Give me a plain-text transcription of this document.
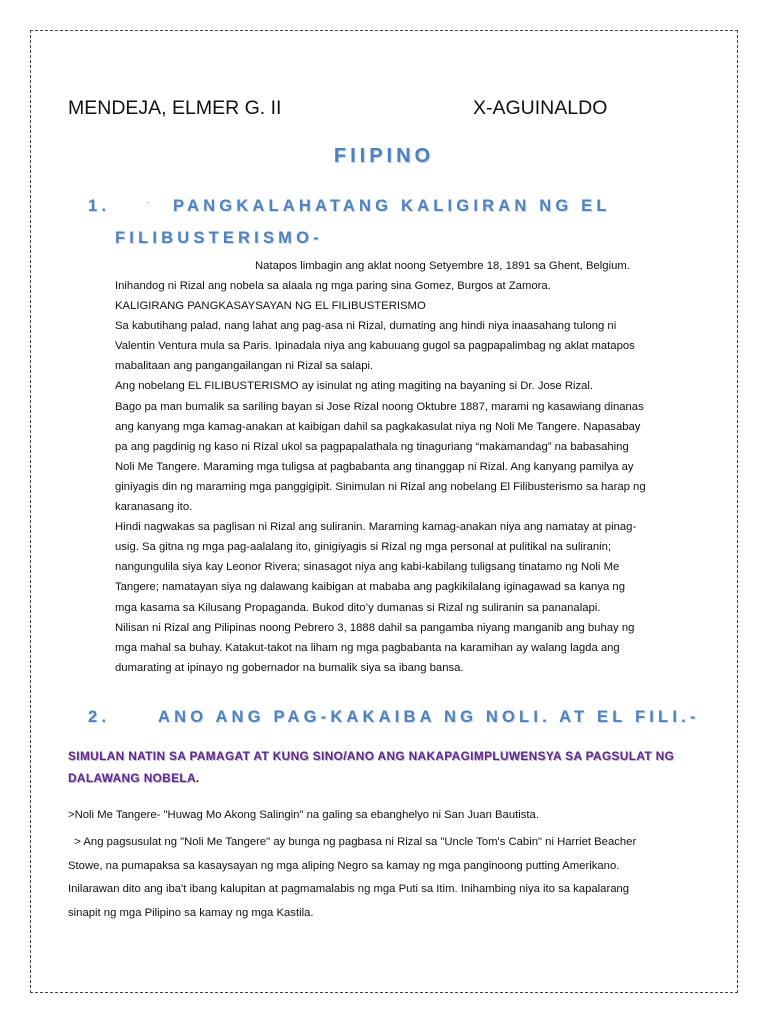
MENDEJA, ELMER G. II	X-AGUINALDO
FIIPINO
1.	· PANGKALAHATANG KALIGIRAN NG EL
FILIBUSTERISMO-
Natapos limbagin ang aklat noong Setyembre 18, 1891 sa Ghent, Belgium.

Inihandog ni Rizal ang nobela sa alaala ng mga paring sina Gomez, Burgos at Zamora.

KALIGIRANG PANGKASAYSAYAN NG EL FILIBUSTERISMO

Sa kabutihang palad, nang lahat ang pag-asa ni Rizal, dumating ang hindi niya inaasahang tulong ni

Valentin Ventura mula sa Paris. Ipinadala niya ang kabuuang gugol sa pagpapalimbag ng aklat matapos

mabalitaan ang pangangailangan ni Rizal sa salapi.

Ang nobelang EL FILIBUSTERISMO ay isinulat ng ating magiting na bayaning si Dr. Jose Rizal.

Bago pa man bumalik sa sariling bayan si Jose Rizal noong Oktubre 1887, marami ng kasawiang dinanas

ang kanyang mga kamag-anakan at kaibigan dahil sa pagkakasulat niya ng Noli Me Tangere. Napasabay

pa ang pagdinig ng kaso ni Rizal ukol sa pagpapalathala ng tinaguriang “makamandag” na babasahing

Noli Me Tangere. Maraming mga tuligsa at pagbabanta ang tinanggap ni Rizal. Ang kanyang pamilya ay

giniyagis din ng maraming mga panggigipit. Sinimulan ni Rizal ang nobelang El Filibusterismo sa harap ng

karanasang ito.

Hindi nagwakas sa paglisan ni Rizal ang suliranin. Maraming kamag-anakan niya ang namatay at pinag-

usig. Sa gitna ng mga pag-aalalang ito, ginigiyagis si Rizal ng mga personal at pulitikal na suliranin;

nangungulila siya kay Leonor Rivera; sinasagot niya ang kabi-kabilang tuligsang tinatamo ng Noli Me

Tangere; namatayan siya ng dalawang kaibigan at mababa ang pagkikilalang iginagawad sa kanya ng

mga kasama sa Kilusang Propaganda. Bukod dito’y dumanas si Rizal ng suliranin sa pananalapi.

Nilisan ni Rizal ang Pilipinas noong Pebrero 3, 1888 dahil sa pangamba niyang manganib ang buhay ng

mga mahal sa buhay. Katakut-takot na liham ng mga pagbabanta na karamihan ay walang lagda ang

dumarating at ipinayo ng gobernador na bumalik siya sa ibang bansa.

2.	ANO ANG PAG-KAKAIBA NG NOLI. AT EL FILI.-
SIMULAN NATIN SA PAMAGAT AT KUNG SINO/ANO ANG NAKAPAGIMPLUWENSYA SA PAGSULAT NG
DALAWANG NOBELA.

>Noli Me Tangere- "Huwag Mo Akong Salingin" na galing sa ebanghelyo ni San Juan Bautista.

> Ang pagsusulat ng "Noli Me Tangere" ay bunga ng pagbasa ni Rizal sa "Uncle Tom's Cabin" ni Harriet Beacher

Stowe, na pumapaksa sa kasaysayan ng mga aliping Negro sa kamay ng mga panginoong putting Amerikano.

Inilarawan dito ang iba't ibang kalupitan at pagmamalabis ng mga Puti sa Itim. Inihambing niya ito sa kapalarang

sinapit ng mga Pilipino sa kamay ng mga Kastila.
